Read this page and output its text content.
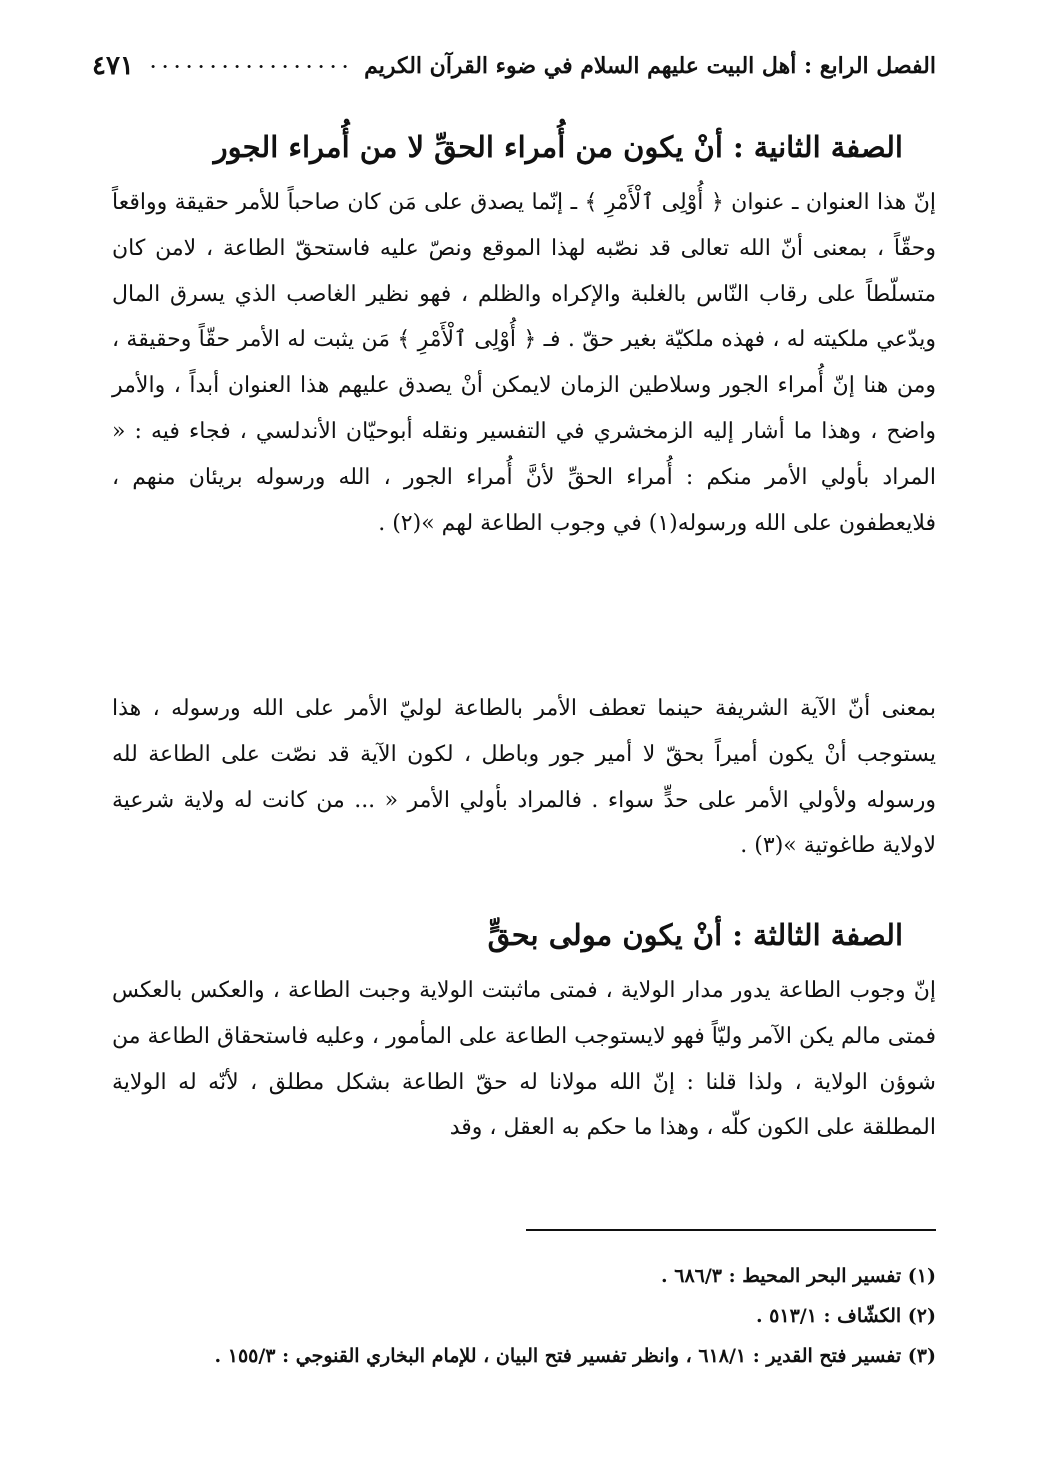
الفصل الرابع : أهل البيت عليهم السلام في ضوء القرآن الكريم
٤٧١
الصفة الثانية : أنْ يكون من أُمراء الحقِّ لا من أُمراء الجور

إنّ هذا العنوان ـ عنوان ﴿ أُوْلِى ٱلْأَمْرِ ﴾ ـ إنّما يصدق على مَن كان صاحباً للأمر حقيقة وواقعاً وحقّاً ، بمعنى أنّ الله تعالى قد نصّبه لهذا الموقع ونصّ عليه فاستحقّ الطاعة ، لامن كان متسلّطاً على رقاب النّاس بالغلبة والإكراه والظلم ، فهو نظير الغاصب الذي يسرق المال ويدّعي ملكيته له ، فهذه ملكيّة بغير حقّ . فـ ﴿ أُوْلِى ٱلْأَمْرِ ﴾ مَن يثبت له الأمر حقّاً وحقيقة ، ومن هنا إنّ أُمراء الجور وسلاطين الزمان لايمكن أنْ يصدق عليهم هذا العنوان أبداً ، والأمر واضح ، وهذا ما أشار إليه الزمخشري في التفسير ونقله أبوحيّان الأندلسي ، فجاء فيه : « المراد بأولي الأمر منكم : أُمراء الحقِّ لأنَّ أُمراء الجور ، الله ورسوله بريئان منهم ، فلايعطفون على الله ورسوله(١) في وجوب الطاعة لهم »(٢) .

بمعنى أنّ الآية الشريفة حينما تعطف الأمر بالطاعة لوليّ الأمر على الله ورسوله ، هذا يستوجب أنْ يكون أميراً بحقّ لا أمير جور وباطل ، لكون الآية قد نصّت على الطاعة لله ورسوله ولأولي الأمر على حدٍّ سواء . فالمراد بأولي الأمر « ... من كانت له ولاية شرعية لاولاية طاغوتية »(٣) .

الصفة الثالثة : أنْ يكون مولى بحقٍّ

إنّ وجوب الطاعة يدور مدار الولاية ، فمتى ماثبتت الولاية وجبت الطاعة ، والعكس بالعكس فمتى مالم يكن الآمر وليّاً فهو لايستوجب الطاعة على المأمور ، وعليه فاستحقاق الطاعة من شوؤن الولاية ، ولذا قلنا : إنّ الله مولانا له حقّ الطاعة بشكل مطلق ، لأنّه له الولاية المطلقة على الكون كلّه ، وهذا ما حكم به العقل ، وقد

(١) تفسير البحر المحيط : ٦٨٦/٣ .
(٢) الكشّاف : ٥١٣/١ .
(٣) تفسير فتح القدير : ٦١٨/١ ، وانظر تفسير فتح البيان ، للإمام البخاري القنوجي : ١٥٥/٣ .
